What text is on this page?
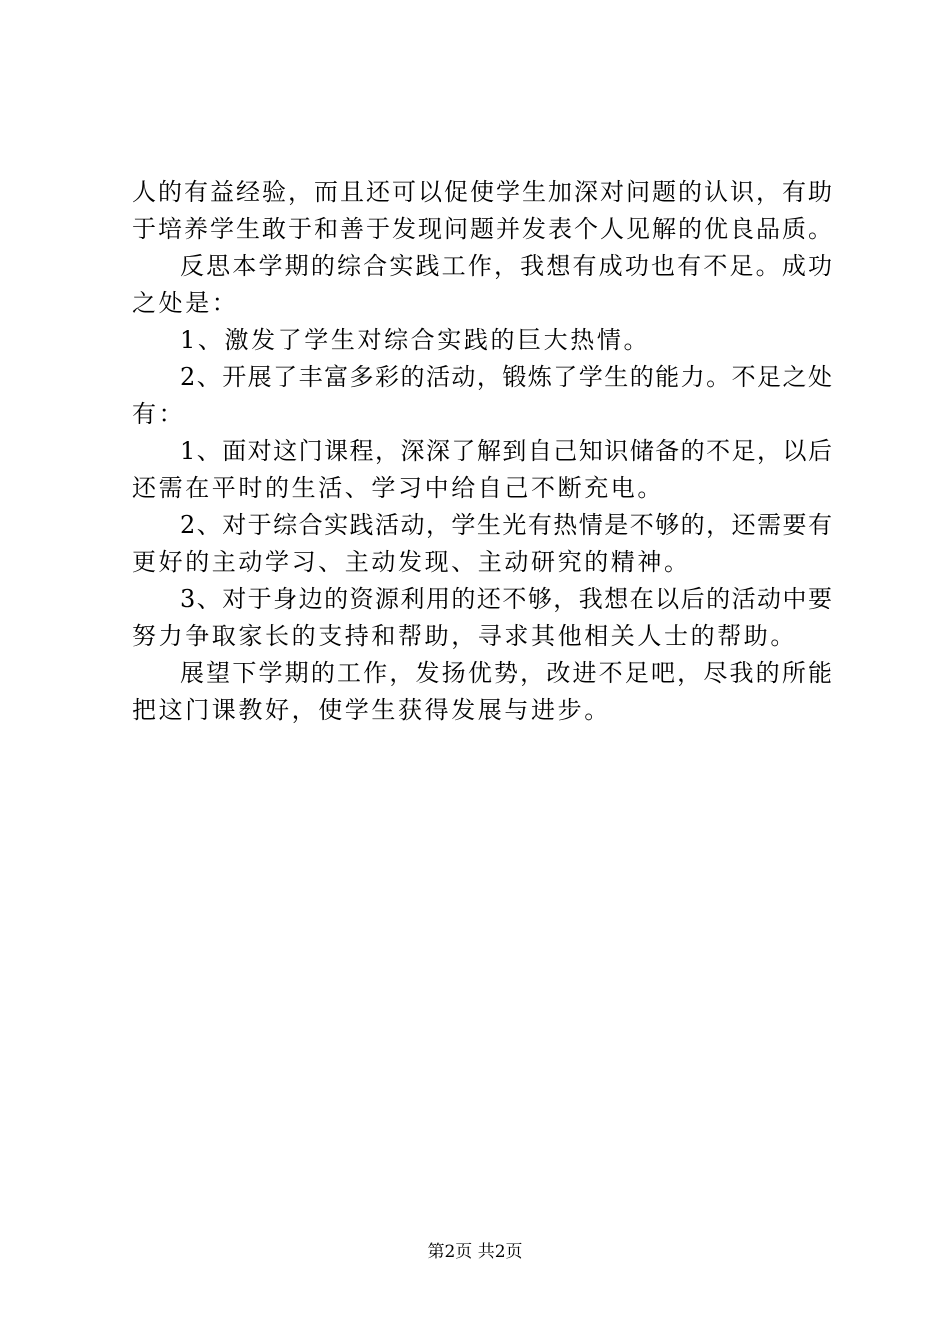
人的有益经验，而且还可以促使学生加深对问题的认识，有助
于培养学生敢于和善于发现问题并发表个人见解的优良品质。
反思本学期的综合实践工作，我想有成功也有不足。成功
之处是：
1、激发了学生对综合实践的巨大热情。
2、开展了丰富多彩的活动，锻炼了学生的能力。不足之处
有：
1、面对这门课程，深深了解到自己知识储备的不足，以后
还需在平时的生活、学习中给自己不断充电。
2、对于综合实践活动，学生光有热情是不够的，还需要有
更好的主动学习、主动发现、主动研究的精神。
3、对于身边的资源利用的还不够，我想在以后的活动中要
努力争取家长的支持和帮助，寻求其他相关人士的帮助。
展望下学期的工作，发扬优势，改进不足吧，尽我的所能
把这门课教好，使学生获得发展与进步。
第2页 共2页
